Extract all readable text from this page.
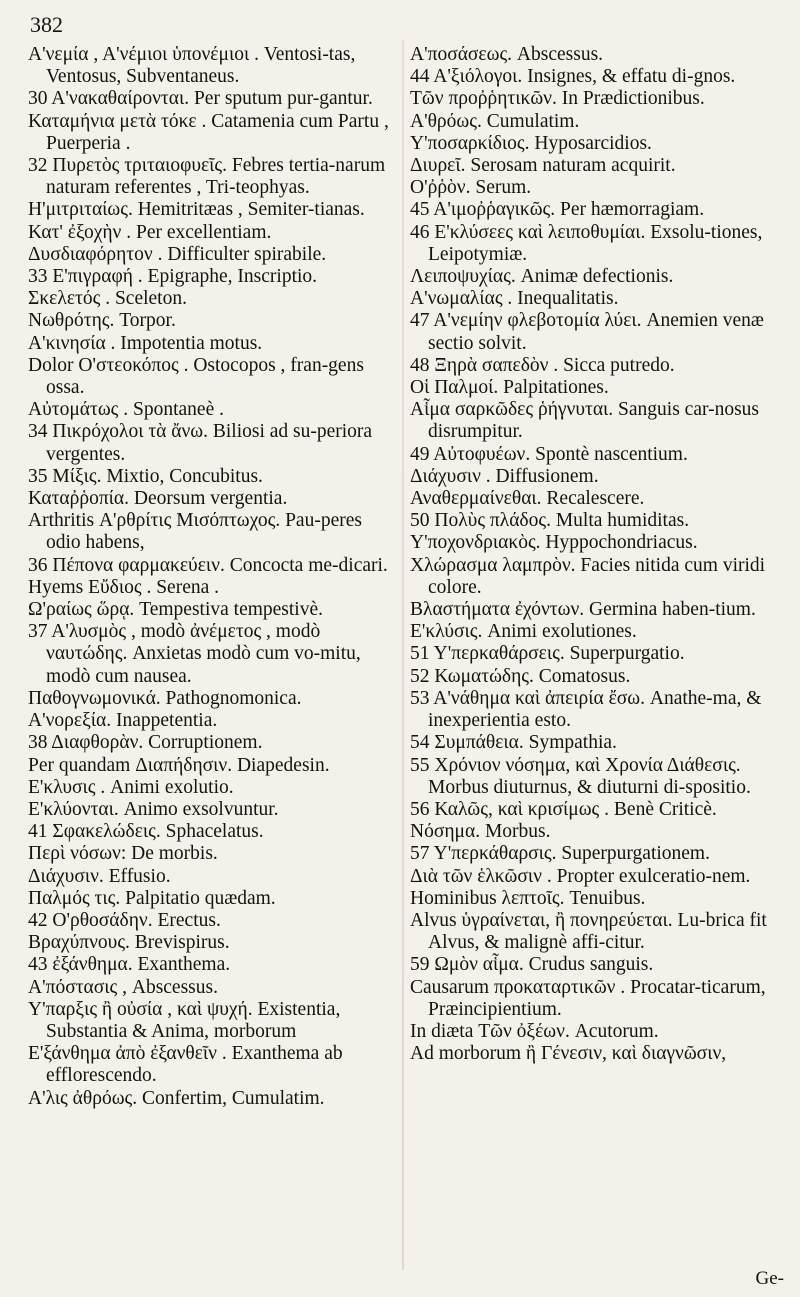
382
Α'νεμία , Α'νέμιοι ὑπονέμιοι . Ventosi-tas, Ventosus, Subventaneus.
30 Α'νακαθαίρονται. Per sputum pur-gantur.
Καταμήνια μετὰ τόκε . Catamenia cum Partu , Puerperia .
32 Πυρετὸς τριταιοφυεῖς. Febres tertia-narum naturam referentes , Tri-teophyas.
Η'μιτριταίως. Hemitritæas , Semiter-tianas.
Κατ' ἐξοχὴν . Per excellentiam.
Δυσδιαφόρητον . Difficulter spirabile.
33 Ε'πιγραφή . Epigraphe, Inscriptio.
Σκελετός . Sceleton.
Νωθρότης. Torpor.
Α'κινησία . Impotentia motus.
Dolor Ο'στεοκόπος . Ostocopos , fran-gens ossa.
Αὐτομάτως . Spontaneè .
34 Πικρόχολοι τὰ ἄνω. Biliosi ad su-periora vergentes.
35 Μίξις. Mixtio, Concubitus.
Καταῤῥοπία. Deorsum vergentia.
Arthritis Α'ρθρίτις Μισόπτωχος. Pau-peres odio habens,
36 Πέπονα φαρμακεύειν. Concocta me-dicari.
Hyems Εὔδιος . Serena .
Ω'ραίως ὥρᾳ. Tempestiva tempestivè.
37 Α'λυσμὸς , modò ἀνέμετος , modò ναυτώδης. Anxietas modò cum vo-mitu, modò cum nausea.
Παθογνωμονικά. Pathognomonica.
Α'νορεξία. Inappetentia.
38 Διαφθορὰν. Corruptionem.
Per quandam Διαπήδησιν. Diapedesin.
Ε'κλυσις . Animi exolutio.
Ε'κλύονται. Animo exsolvuntur.
41 Σφακελώδεις. Sphacelatus.
Περὶ νόσων: De morbis.
Διάχυσιν. Effusio.
Παλμός τις. Palpitatio quædam.
42 Ο'ρθοσάδην. Erectus.
Βραχύπνους. Brevispirus.
43 ἐξάνθημα. Exanthema.
Α'πόστασις , Abscessus.
Υ'παρξις ἢ οὐσία , καὶ ψυχή. Existentia, Substantia & Anima, morborum
Ε'ξάνθημα ἀπὸ ἐξανθεῖν . Exanthema ab efflorescendo.
Α'λις ἀθρόως. Confertim, Cumulatim.
Α'ποσάσεως. Abscessus.
44 Α'ξιόλογοι. Insignes, & effatu di-gnos.
Τῶν προῤῥητικῶν. In Prædictionibus.
Α'θρόως. Cumulatim.
Υ'ποσαρκίδιος. Hyposarcidios.
Διυρεῖ. Serosam naturam acquirit.
Ο'ῤῥὸν. Serum.
45 Α'ιμοῤῥαγικῶς. Per hæmorragiam.
46 Ε'κλύσεες καὶ λειποθυμίαι. Exsolu-tiones, Leipotymiæ.
Λειποψυχίας. Animæ defectionis.
Α'νωμαλίας . Inequalitatis.
47 Α'νεμίην φλεβοτομία λύει. Anemien venæ sectio solvit.
48 Ξηρὰ σαπεδὸν . Sicca putredo.
Οἱ Παλμοί. Palpitationes.
Αἷμα σαρκῶδες ῥήγνυται. Sanguis car-nosus disrumpitur.
49 Αὐτοφυέων. Spontè nascentium.
Διάχυσιν . Diffusionem.
Αναθερμαίνεθαι. Recalescere.
50 Πολὺς πλάδος. Multa humiditas.
Υ'ποχονδριακὸς. Hyppochondriacus.
Χλώρασμα λαμπρὸν. Facies nitida cum viridi colore.
Βλαστήματα ἐχόντων. Germina haben-tium.
Ε'κλύσις. Animi exolutiones.
51 Υ'περκαθάρσεις. Superpurgatio.
52 Κωματώδης. Comatosus.
53 Α'νάθημα καὶ ἀπειρία ἔσω. Anathe-ma, & inexperientia esto.
54 Συμπάθεια. Sympathia.
55 Χρόνιον νόσημα, καὶ Χρονία Διάθεσις. Morbus diuturnus, & diuturni di-spositio.
56 Καλῶς, καὶ κρισίμως . Benè Criticè.
Νόσημα. Morbus.
57 Υ'περκάθαρσις. Superpurgationem.
Διὰ τῶν ἑλκῶσιν . Propter exulceratio-nem.
Hominibus λεπτοῖς. Tenuibus.
Alvus ὑγραίνεται, ἢ πονηρεύεται. Lu-brica fit Alvus, & malignè affi-citur.
59 Ωμὸν αἷμα. Crudus sanguis.
Causarum προκαταρτικῶν . Procatar-ticarum, Præincipientium.
In diæta Τῶν ὀξέων. Acutorum.
Ad morborum ἢ Γένεσιν, καὶ διαγνῶσιν,
Ge-
